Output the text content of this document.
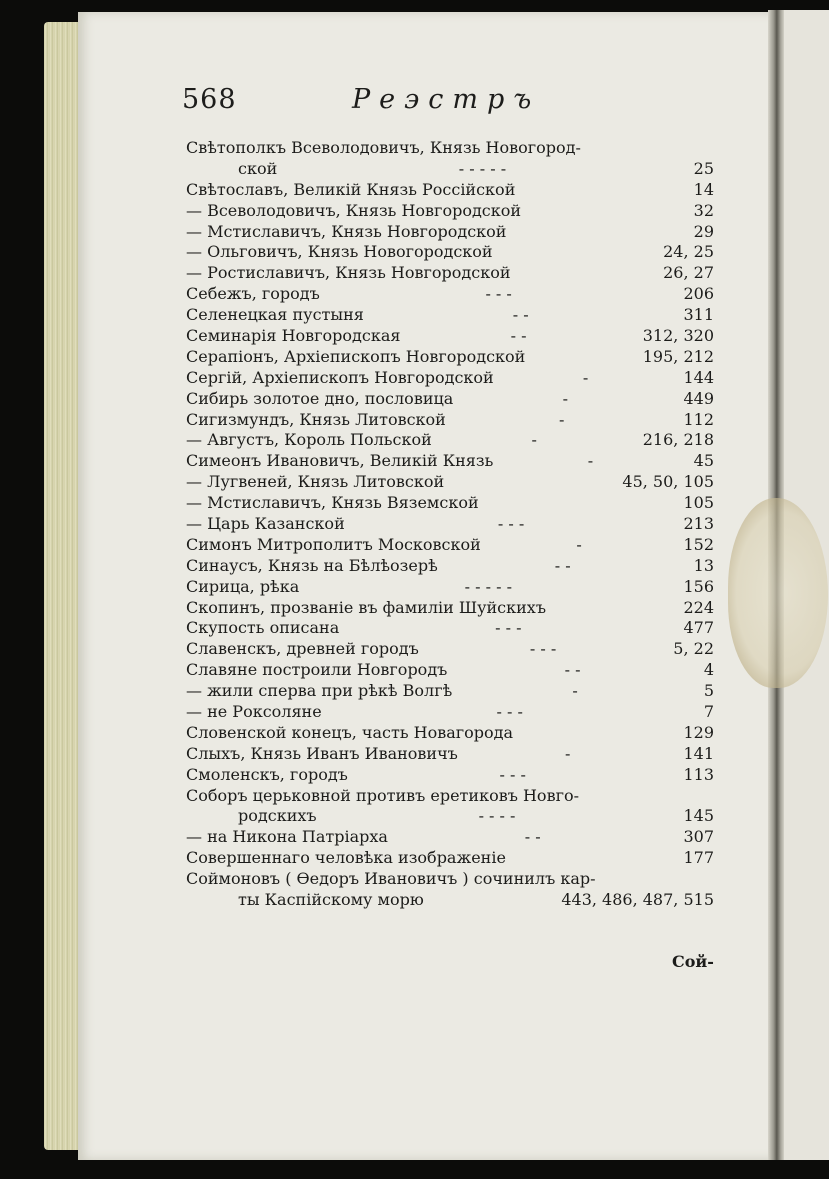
568	Реэстръ
Свѣтополкъ Всеволодовичъ, Князь Новогород-
ской	- - - - -	25
Свѣтославъ, Великій Князь Россійской	14
— Всеволодовичъ, Князь Новгородской	32
— Мстиславичъ, Князь Новгородской	29
— Ольговичъ, Князь Новогородской	24, 25
— Ростиславичъ, Князь Новгородской	26, 27
Себежъ, городъ	- - -	206
Селенецкая пустыня	- -	311
Семинарія Новгородская	- -	312, 320
Серапіонъ, Архіепископъ Новгородской	195, 212
Сергій, Архіепископъ Новгородской	-	144
Сибирь золотое дно, пословица	-	449
Сигизмундъ, Князь Литовской	-	112
— Августъ, Король Польской	-	216, 218
Симеонъ Ивановичъ, Великій Князь	-	45
— Лугвеней, Князь Литовской	45, 50, 105
— Мстиславичъ, Князь Вяземской	105
— Царь Казанской	- - -	213
Симонъ Митрополитъ Московской	-	152
Синаусъ, Князь на Бѣлѣозерѣ	- -	13
Сирица, рѣка	- - - - -	156
Скопинъ, прозваніе въ фамиліи Шуйскихъ	224
Скупость описана	- - -	477
Славенскъ, древней городъ	- - -	5, 22
Славяне построили Новгородъ	- -	4
— жили сперва при рѣкѣ Волгѣ	-	5
— не Роксоляне	- - -	7
Словенской конецъ, часть Новагорода	129
Слыхъ, Князь Иванъ Ивановичъ	-	141
Смоленскъ, городъ	- - -	113
Соборъ церьковной противъ еретиковъ Новго-
родскихъ	- - - -	145
— на Никона Патріарха	- -	307
Совершеннаго человѣка изображеніе	177
Соймоновъ ( Ѳедоръ Ивановичъ ) сочинилъ кар-
ты Каспійскому морю	443, 486, 487, 515
Сой-
